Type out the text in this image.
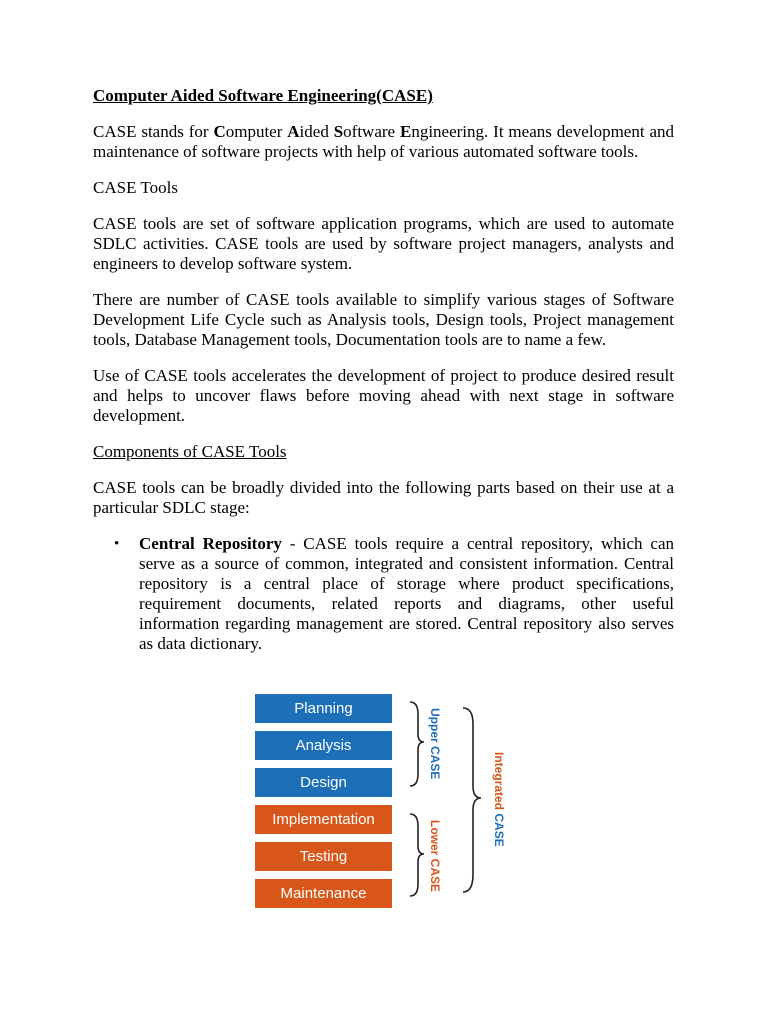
Computer Aided Software Engineering(CASE)

CASE stands for Computer Aided Software Engineering. It means development and maintenance of software projects with help of various automated software tools.

CASE Tools

CASE tools are set of software application programs, which are used to automate SDLC activities. CASE tools are used by software project managers, analysts and engineers to develop software system.

There are number of CASE tools available to simplify various stages of Software Development Life Cycle such as Analysis tools, Design tools, Project management tools, Database Management tools, Documentation tools are to name a few.

Use of CASE tools accelerates the development of project to produce desired result and helps to uncover flaws before moving ahead with next stage in software development.

Components of CASE Tools

CASE tools can be broadly divided into the following parts based on their use at a particular SDLC stage:

• Central Repository - CASE tools require a central repository, which can serve as a source of common, integrated and consistent information. Central repository is a central place of storage where product specifications, requirement documents, related reports and diagrams, other useful information regarding management are stored. Central repository also serves as data dictionary.

Planning
Analysis
Design
Implementation
Testing
Maintenance
Upper CASE
Lower CASE
Integrated CASE
